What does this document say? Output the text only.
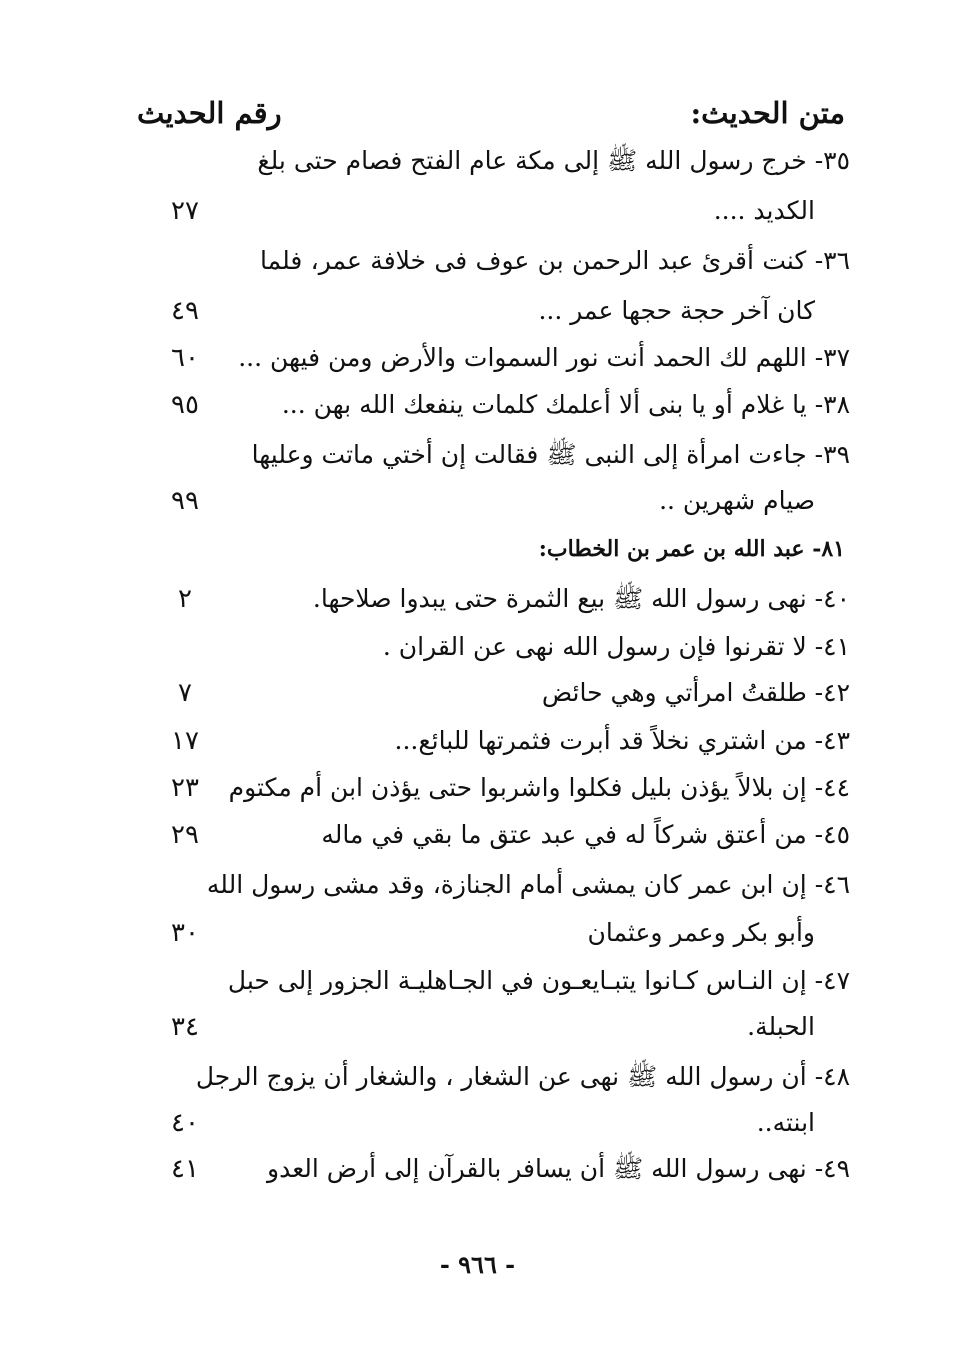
متن الحديث:
رقم الحديث
٣٥- خرج رسول الله ﷺ إلى مكة عام الفتح فصام حتى بلغ
الكديد ....
٢٧
٣٦- كنت أقرئ عبد الرحمن بن عوف فى خلافة عمر، فلما
كان آخر حجة حجها عمر ...
٤٩
٣٧- اللهم لك الحمد أنت نور السموات والأرض ومن فيهن ...
٦٠
٣٨- يا غلام أو يا بنى ألا أعلمك كلمات ينفعك الله بهن ...
٩٥
٣٩- جاءت امرأة إلى النبى ﷺ فقالت إن أختي ماتت وعليها
صيام شهرين ..
٩٩
٨١- عبد الله بن عمر بن الخطاب:
٤٠- نهى رسول الله ﷺ بيع الثمرة حتى يبدوا صلاحها.
٢
٤١- لا تقرنوا فإن رسول الله نهى عن القران .
٤٢- طلقتُ امرأتي وهي حائض
٧
٤٣- من اشتري نخلاً قد أبرت فثمرتها للبائع...
١٧
٤٤- إن بلالاً يؤذن بليل فكلوا واشربوا حتى يؤذن ابن أم مكتوم
٢٣
٤٥- من أعتق شركاً له في عبد عتق ما بقي في ماله
٢٩
٤٦- إن ابن عمر كان يمشى أمام الجنازة، وقد مشى رسول الله
وأبو بكر وعمر وعثمان
٣٠
٤٧- إن النـاس كـانوا يتبـايعـون في الجـاهليـة الجزور إلى حبل
الحبلة.
٣٤
٤٨- أن رسول الله ﷺ نهى عن الشغار ، والشغار أن يزوج الرجل
ابنته..
٤٠
٤٩- نهى رسول الله ﷺ أن يسافر بالقرآن إلى أرض العدو
٤١
- ٩٦٦ -
